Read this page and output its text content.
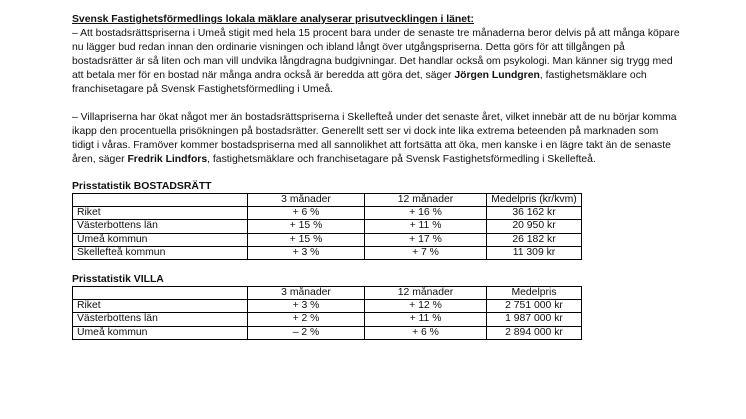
Svensk Fastighetsförmedlings lokala mäklare analyserar prisutvecklingen i länet:

– Att bostadsrättspriserna i Umeå stigit med hela 15 procent bara under de senaste tre månaderna beror delvis på att många köpare nu lägger bud redan innan den ordinarie visningen och ibland långt över utgångspriserna. Detta görs för att tillgången på bostadsrätter är så liten och man vill undvika långdragna budgivningar. Det handlar också om psykologi. Man känner sig trygg med att betala mer för en bostad när många andra också är beredda att göra det, säger Jörgen Lundgren, fastighetsmäklare och franchisetagare på Svensk Fastighetsförmedling i Umeå.

– Villapriserna har ökat något mer än bostadsrättspriserna i Skellefteå under det senaste året, vilket innebär att de nu börjar komma ikapp den procentuella prisökningen på bostadsrätter. Generellt sett ser vi dock inte lika extrema beteenden på marknaden som tidigt i våras. Framöver kommer bostadspriserna med all sannolikhet att fortsätta att öka, men kanske i en lägre takt än de senaste åren, säger Fredrik Lindfors, fastighetsmäklare och franchisetagare på Svensk Fastighetsförmedling i Skellefteå.

Prisstatistik BOSTADSRÄTT

	3 månader	12 månader	Medelpris (kr/kvm)
Riket	+ 6 %	+ 16 %	36 162 kr
Västerbottens län	+ 15 %	+ 11 %	20 950 kr
Umeå kommun	+ 15 %	+ 17 %	26 182 kr
Skellefteå kommun	+ 3 %	+ 7 %	11 309 kr

Prisstatistik VILLA

	3 månader	12 månader	Medelpris
Riket	+ 3 %	+ 12 %	2 751 000 kr
Västerbottens län	+ 2 %	+ 11 %	1 987 000 kr
Umeå kommun	– 2 %	+ 6 %	2 894 000 kr
